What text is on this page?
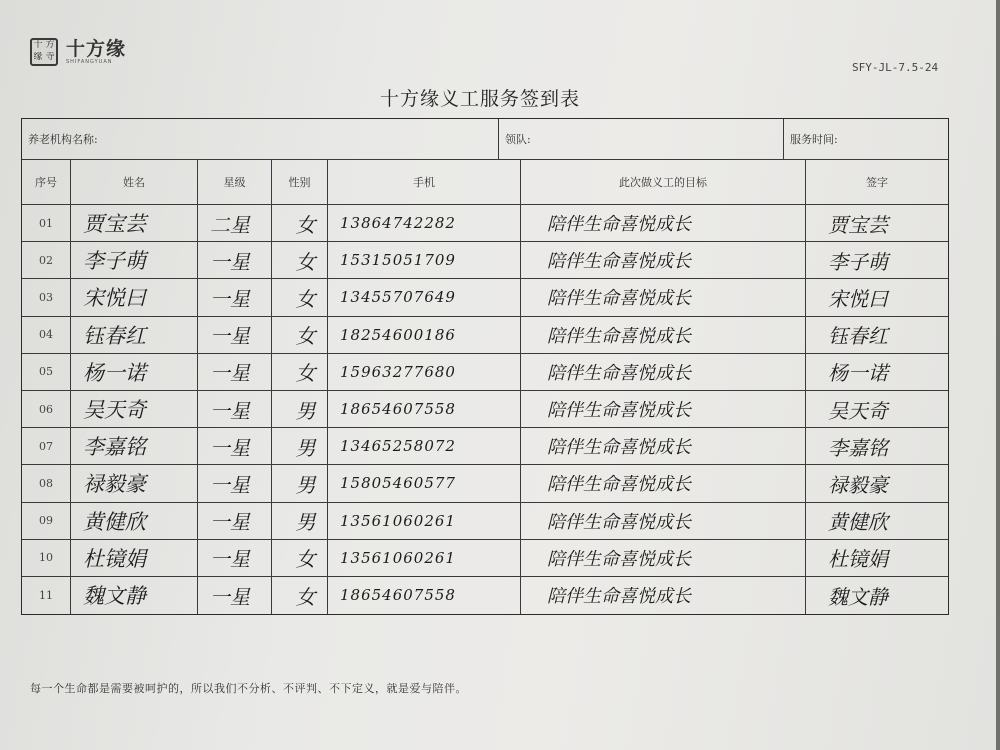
十 方
缘 寺 十方缘
SHIFANGYUAN	SFY-JL-7.5-24
十方缘义工服务签到表
养老机构名称:	领队:	服务时间:
序号	姓名	星级	性别	手机	此次做义工的目标	签字
01	贾宝芸	二星	女	13864742282	陪伴生命喜悦成长	贾宝芸
02	李子萌	一星	女	15315051709	陪伴生命喜悦成长	李子萌
03	宋悦曰	一星	女	13455707649	陪伴生命喜悦成长	宋悦曰
04	钰春红	一星	女	18254600186	陪伴生命喜悦成长	钰春红
05	杨一诺	一星	女	15963277680	陪伴生命喜悦成长	杨一诺
06	吴天奇	一星	男	18654607558	陪伴生命喜悦成长	吴天奇
07	李嘉铭	一星	男	13465258072	陪伴生命喜悦成长	李嘉铭
08	禄毅豪	一星	男	15805460577	陪伴生命喜悦成长	禄毅豪
09	黄健欣	一星	男	13561060261	陪伴生命喜悦成长	黄健欣
10	杜镜娟	一星	女	13561060261	陪伴生命喜悦成长	杜镜娟
11	魏文静	一星	女	18654607558	陪伴生命喜悦成长	魏文静
每一个生命都是需要被呵护的，所以我们不分析、不评判、不下定义，就是爱与陪伴。
